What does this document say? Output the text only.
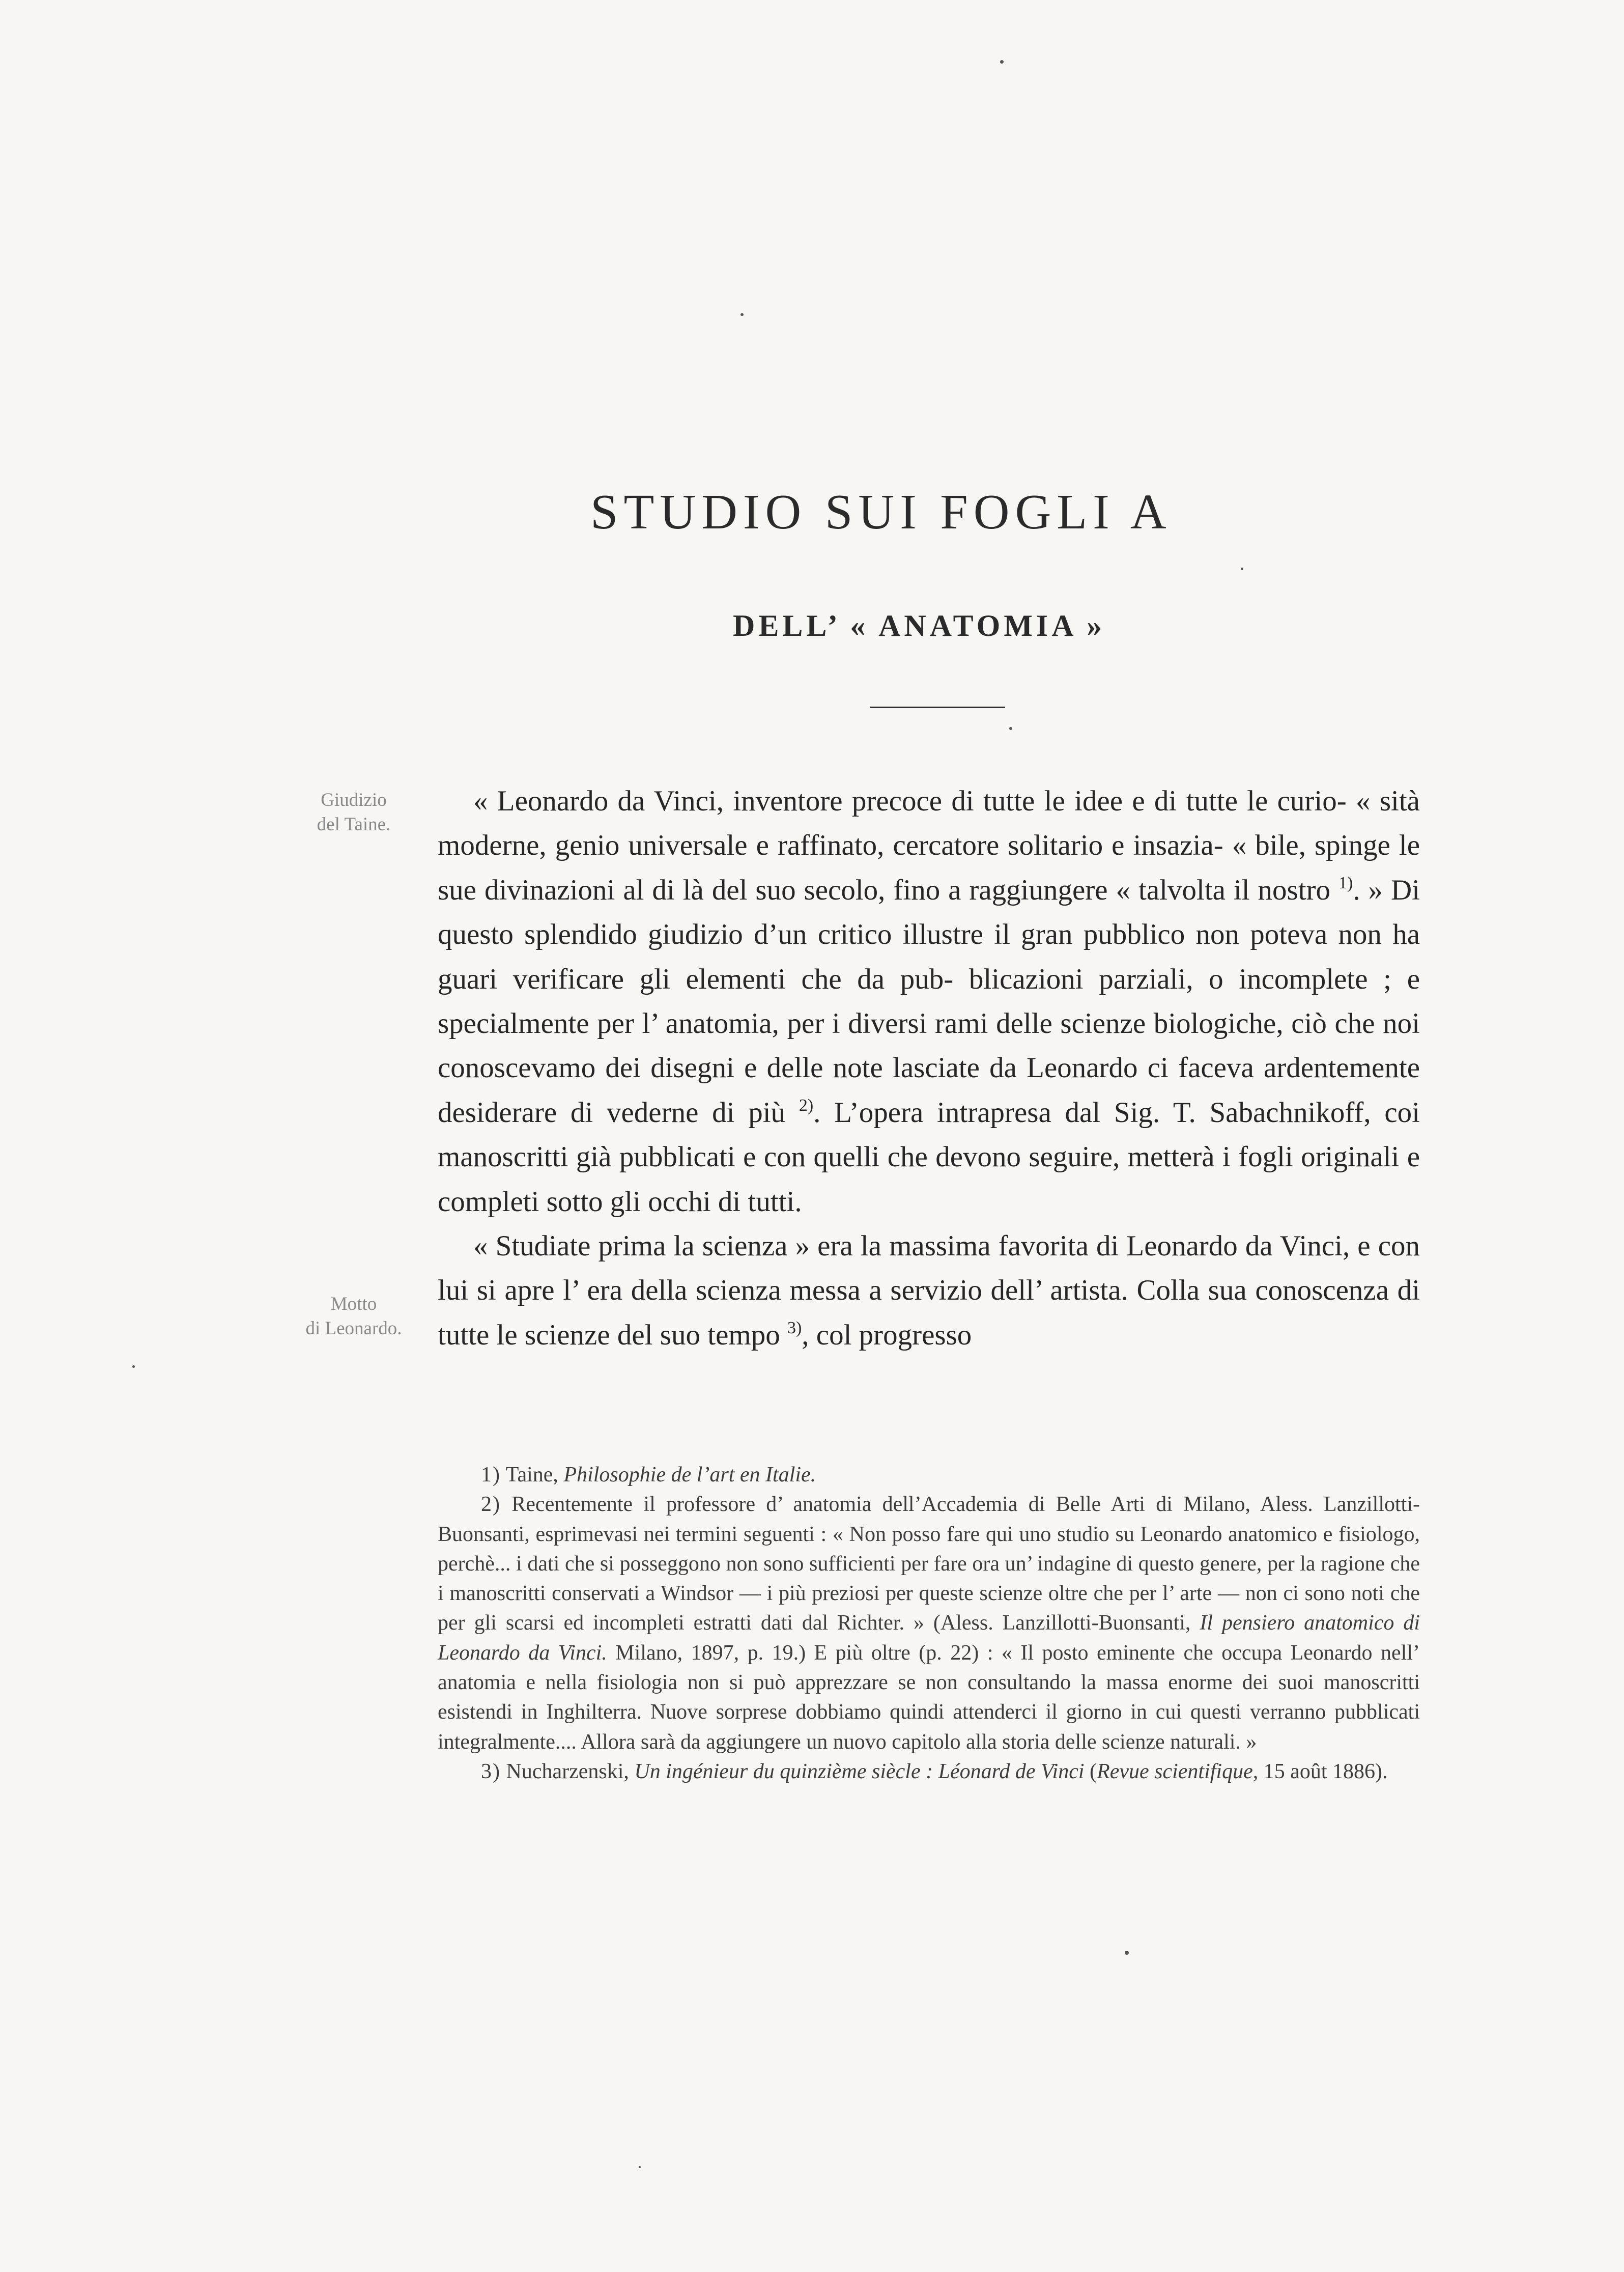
STUDIO SUI FOGLI A
DELL’ « ANATOMIA »
Giudizio
del Taine.
Motto
di Leonardo.

« Leonardo da Vinci, inventore precoce di tutte le idee e di tutte le curio- « sità moderne, genio universale e raffinato, cercatore solitario e insazia- « bile, spinge le sue divinazioni al di là del suo secolo, fino a raggiungere « talvolta il nostro $^{1)}$. » Di questo splendido giudizio d’un critico illustre il gran pubblico non poteva non ha guari verificare gli elementi che da pub- blicazioni parziali, o incomplete ; e specialmente per l’ anatomia, per i diversi rami delle scienze biologiche, ciò che noi conoscevamo dei disegni e delle note lasciate da Leonardo ci faceva ardentemente desiderare di vederne di più $^{2)}$. L’opera intrapresa dal Sig. T. Sabachnikoff, coi manoscritti già pubblicati e con quelli che devono seguire, metterà i fogli originali e completi sotto gli occhi di tutti.

« Studiate prima la scienza » era la massima favorita di Leonardo da Vinci, e con lui si apre l’ era della scienza messa a servizio dell’ artista. Colla sua conoscenza di tutte le scienze del suo tempo $^{3)}$, col progresso

1) Taine, Philosophie de l’art en Italie.

2) Recentemente il professore d’ anatomia dell’Accademia di Belle Arti di Milano, Aless. Lanzillotti-Buonsanti, esprimevasi nei termini seguenti : « Non posso fare qui uno studio su Leonardo anatomico e fisiologo, perchè... i dati che si posseggono non sono sufficienti per fare ora un’ indagine di questo genere, per la ragione che i manoscritti conservati a Windsor — i più preziosi per queste scienze oltre che per l’ arte — non ci sono noti che per gli scarsi ed incompleti estratti dati dal Richter. » (Aless. Lanzillotti-Buonsanti, Il pensiero anatomico di Leonardo da Vinci. Milano, 1897, p. 19.) E più oltre (p. 22) : « Il posto eminente che occupa Leonardo nell’ anatomia e nella fisiologia non si può apprezzare se non consultando la massa enorme dei suoi manoscritti esistendi in Inghilterra. Nuove sorprese dobbiamo quindi attenderci il giorno in cui questi verranno pubblicati integralmente.... Allora sarà da aggiungere un nuovo capitolo alla storia delle scienze naturali. »

3) Nucharzenski, Un ingénieur du quinzième siècle : Léonard de Vinci (Revue scientifique, 15 août 1886).
